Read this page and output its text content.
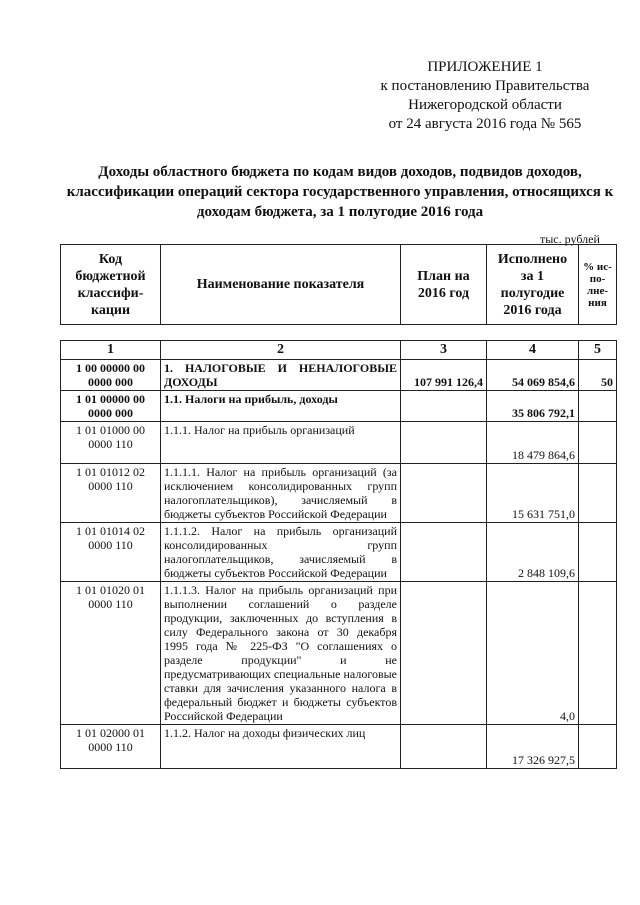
ПРИЛОЖЕНИЕ 1
к постановлению Правительства
Нижегородской области
от 24 августа 2016 года № 565
Доходы областного бюджета по кодам видов доходов, подвидов доходов, классификации операций сектора государственного управления, относящихся к доходам бюджета, за 1 полугодие 2016 года
тыс. рублей
Код бюджетной классифи-кации	Наименование показателя	План на 2016 год	Исполнено за 1 полугодие 2016 года	% ис-по-лне-ния
1	2	3	4	5
1 00 00000 00 0000 000	1. НАЛОГОВЫЕ И НЕНАЛОГОВЫЕ ДОХОДЫ	107 991 126,4	54 069 854,6	50
1 01 00000 00 0000 000	1.1. Налоги на прибыль, доходы		35 806 792,1	
1 01 01000 00 0000 110	1.1.1. Налог на прибыль организаций		18 479 864,6	
1 01 01012 02 0000 110	1.1.1.1. Налог на прибыль организаций (за исключением консолидированных групп налогоплательщиков), зачисляемый в бюджеты субъектов Российской Федерации		15 631 751,0	
1 01 01014 02 0000 110	1.1.1.2. Налог на прибыль организаций консолидированных групп налогоплательщиков, зачисляемый в бюджеты субъектов Российской Федерации		2 848 109,6	
1 01 01020 01 0000 110	1.1.1.3. Налог на прибыль организаций при выполнении соглашений о разделе продукции, заключенных до вступления в силу Федерального закона от 30 декабря 1995 года № 225-ФЗ "О соглашениях о разделе продукции" и не предусматривающих специальные налоговые ставки для зачисления указанного налога в федеральный бюджет и бюджеты субъектов Российской Федерации		4,0	
1 01 02000 01 0000 110	1.1.2. Налог на доходы физических лиц		17 326 927,5	
